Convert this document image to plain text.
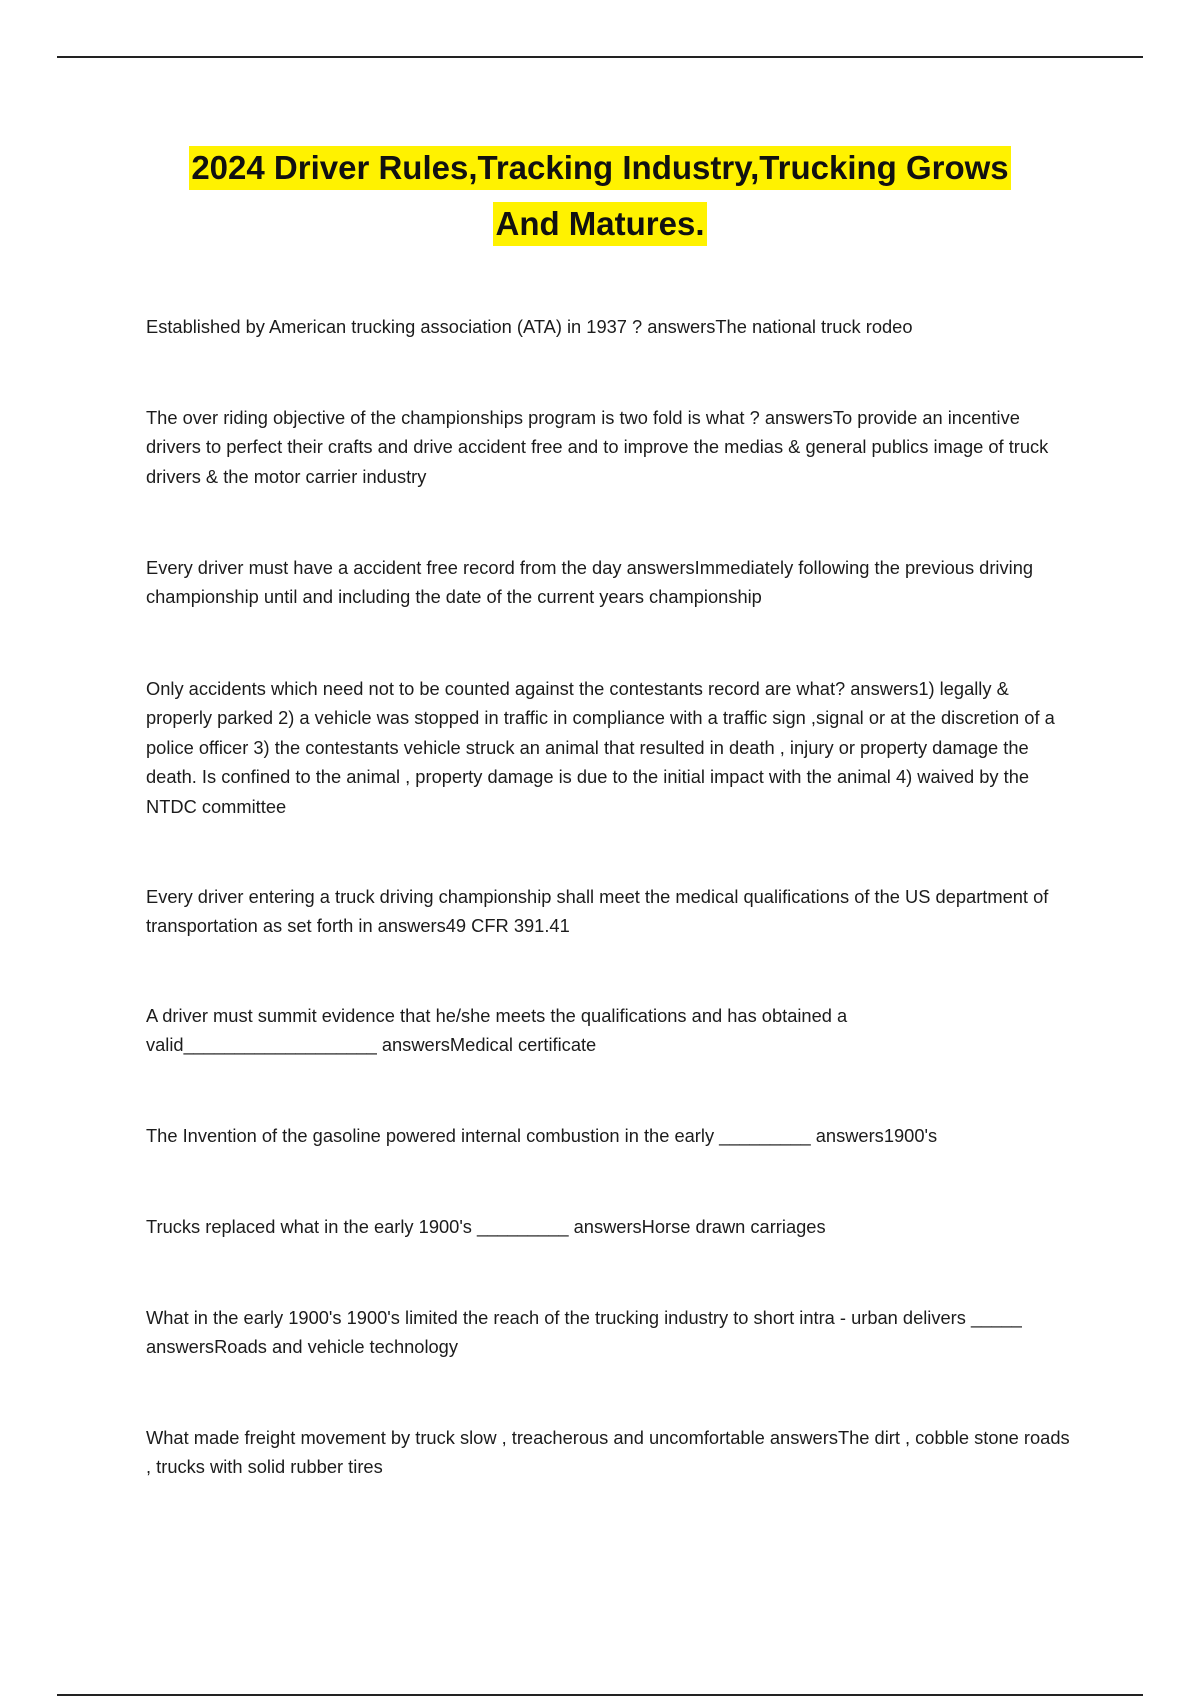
2024 Driver Rules,Tracking Industry,Trucking Grows
And Matures.

Established by American trucking association (ATA) in 1937 ? answersThe national truck rodeo

The over riding objective of the championships program is two fold is what ? answersTo provide an incentive drivers to perfect their crafts and drive accident free and to improve the medias & general publics image of truck drivers & the motor carrier industry

Every driver must have a accident free record from the day answersImmediately following the previous driving championship until and including the date of the current years championship

Only accidents which need not to be counted against the contestants record are what? answers1) legally & properly parked 2) a vehicle was stopped in traffic in compliance with a traffic sign ,signal or at the discretion of a police officer 3) the contestants vehicle struck an animal that resulted in death , injury or property damage the death. Is confined to the animal , property damage is due to the initial impact with the animal 4) waived by the NTDC committee

Every driver entering a truck driving championship shall meet the medical qualifications of the US department of transportation as set forth in answers49 CFR 391.41

A driver must summit evidence that he/she meets the qualifications and has obtained a valid___________________ answersMedical certificate

The Invention of the gasoline powered internal combustion in the early _________ answers1900's

Trucks replaced what in the early 1900's _________ answersHorse drawn carriages

What in the early 1900's 1900's limited the reach of the trucking industry to short intra - urban delivers _____ answersRoads and vehicle technology

What made freight movement by truck slow , treacherous and uncomfortable answersThe dirt , cobble stone roads , trucks with solid rubber tires
